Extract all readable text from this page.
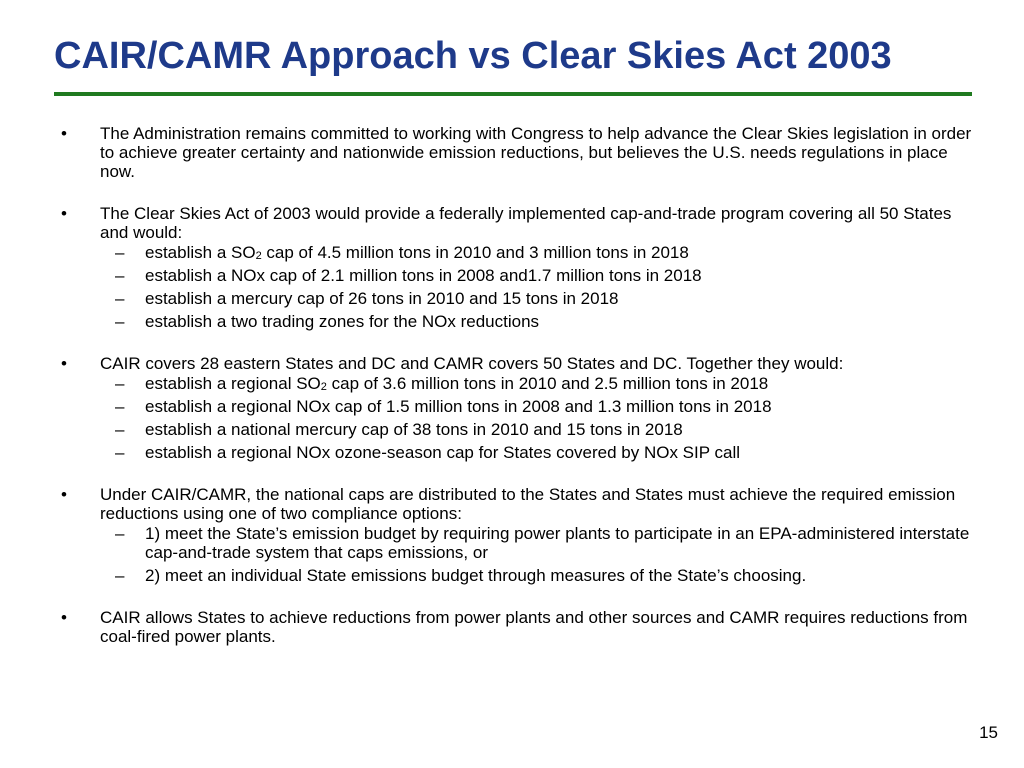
CAIR/CAMR Approach vs Clear Skies Act 2003
• The Administration remains committed to working with Congress to help advance the Clear Skies legislation in order to achieve greater certainty and nationwide emission reductions, but believes the U.S. needs regulations in place now.
• The Clear Skies Act of 2003 would provide a federally implemented cap-and-trade program covering all 50 States and would:
– establish a $SO_2$ cap of 4.5 million tons in 2010 and 3 million tons in 2018
– establish a NOx cap of 2.1 million tons in 2008 and1.7 million tons in 2018
– establish a mercury cap of 26 tons in 2010 and 15 tons in 2018
– establish a two trading zones for the NOx reductions
• CAIR covers 28 eastern States and DC and CAMR covers 50 States and DC. Together they would:
– establish a regional $SO_2$ cap of 3.6 million tons in 2010 and 2.5 million tons in 2018
– establish a regional NOx cap of 1.5 million tons in 2008 and 1.3 million tons in 2018
– establish a national mercury cap of 38 tons in 2010 and 15 tons in 2018
– establish a regional NOx ozone-season cap for States covered by NOx SIP call
• Under CAIR/CAMR, the national caps are distributed to the States and States must achieve the required emission reductions using one of two compliance options:
– 1) meet the State’s emission budget by requiring power plants to participate in an EPA-administered interstate cap-and-trade system that caps emissions, or
– 2) meet an individual State emissions budget through measures of the State’s choosing.
• CAIR allows States to achieve reductions from power plants and other sources and CAMR requires reductions from coal-fired power plants.
15
